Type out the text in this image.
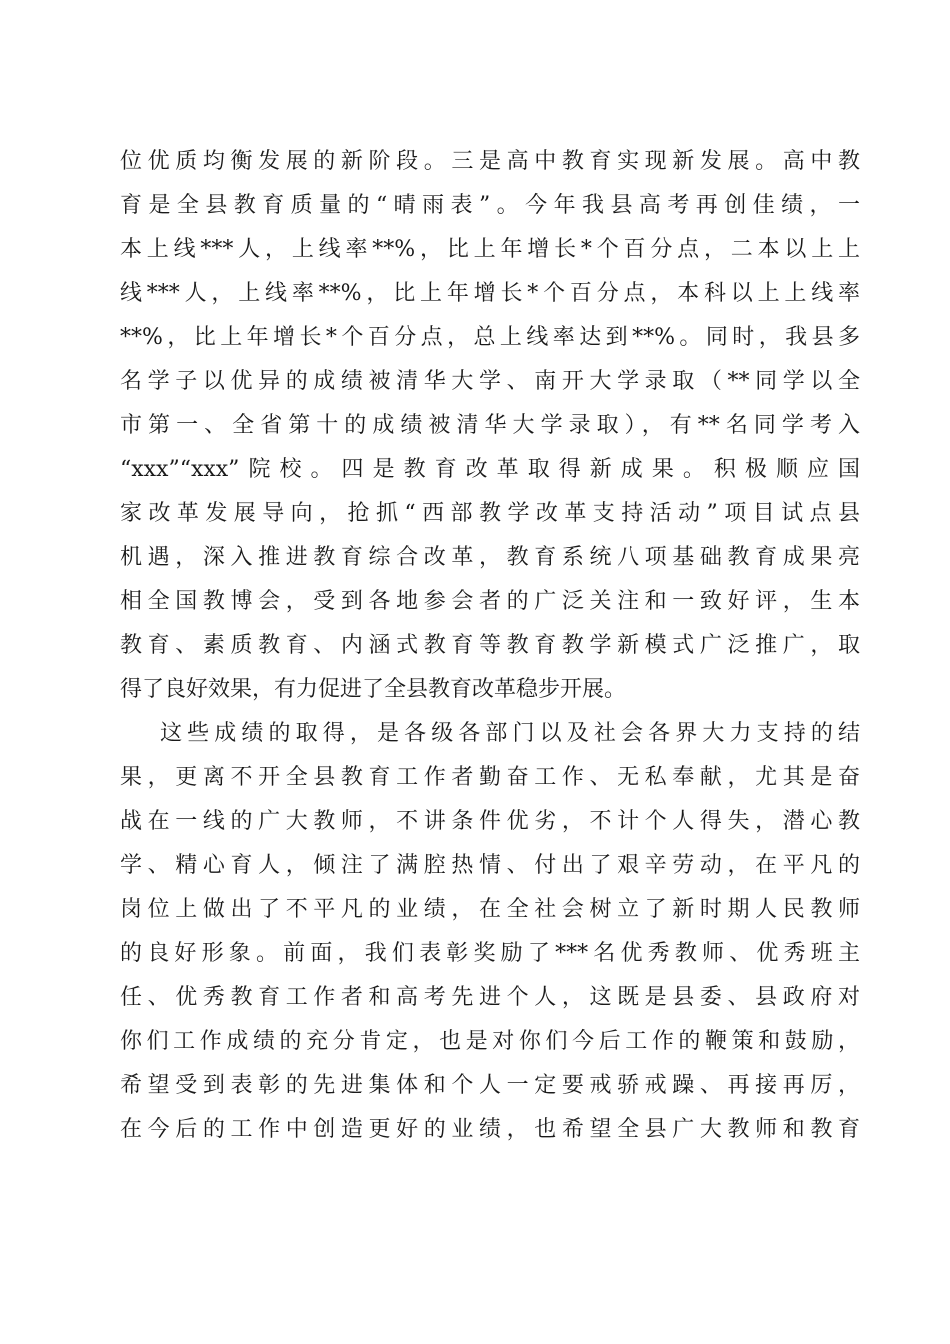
位优质均衡发展的新阶段。三是高中教育实现新发展。高中教
育是全县教育质量的“晴雨表”。今年我县高考再创佳绩，一
本上线***人，上线率**%，比上年增长*个百分点，二本以上上
线***人，上线率**%，比上年增长*个百分点，本科以上上线率
**%，比上年增长*个百分点，总上线率达到**%。同时，我县多
名学子以优异的成绩被清华大学、南开大学录取（**同学以全
市第一、全省第十的成绩被清华大学录取），有**名同学考入
“xxx”“xxx”院校。四是教育改革取得新成果。积极顺应国
家改革发展导向，抢抓“西部教学改革支持活动”项目试点县
机遇，深入推进教育综合改革，教育系统八项基础教育成果亮
相全国教博会，受到各地参会者的广泛关注和一致好评，生本
教育、素质教育、内涵式教育等教育教学新模式广泛推广，取
得了良好效果，有力促进了全县教育改革稳步开展。
这些成绩的取得，是各级各部门以及社会各界大力支持的结
果，更离不开全县教育工作者勤奋工作、无私奉献，尤其是奋
战在一线的广大教师，不讲条件优劣，不计个人得失，潜心教
学、精心育人，倾注了满腔热情、付出了艰辛劳动，在平凡的
岗位上做出了不平凡的业绩，在全社会树立了新时期人民教师
的良好形象。前面，我们表彰奖励了***名优秀教师、优秀班主
任、优秀教育工作者和高考先进个人，这既是县委、县政府对
你们工作成绩的充分肯定，也是对你们今后工作的鞭策和鼓励，
希望受到表彰的先进集体和个人一定要戒骄戒躁、再接再厉，
在今后的工作中创造更好的业绩，也希望全县广大教师和教育
